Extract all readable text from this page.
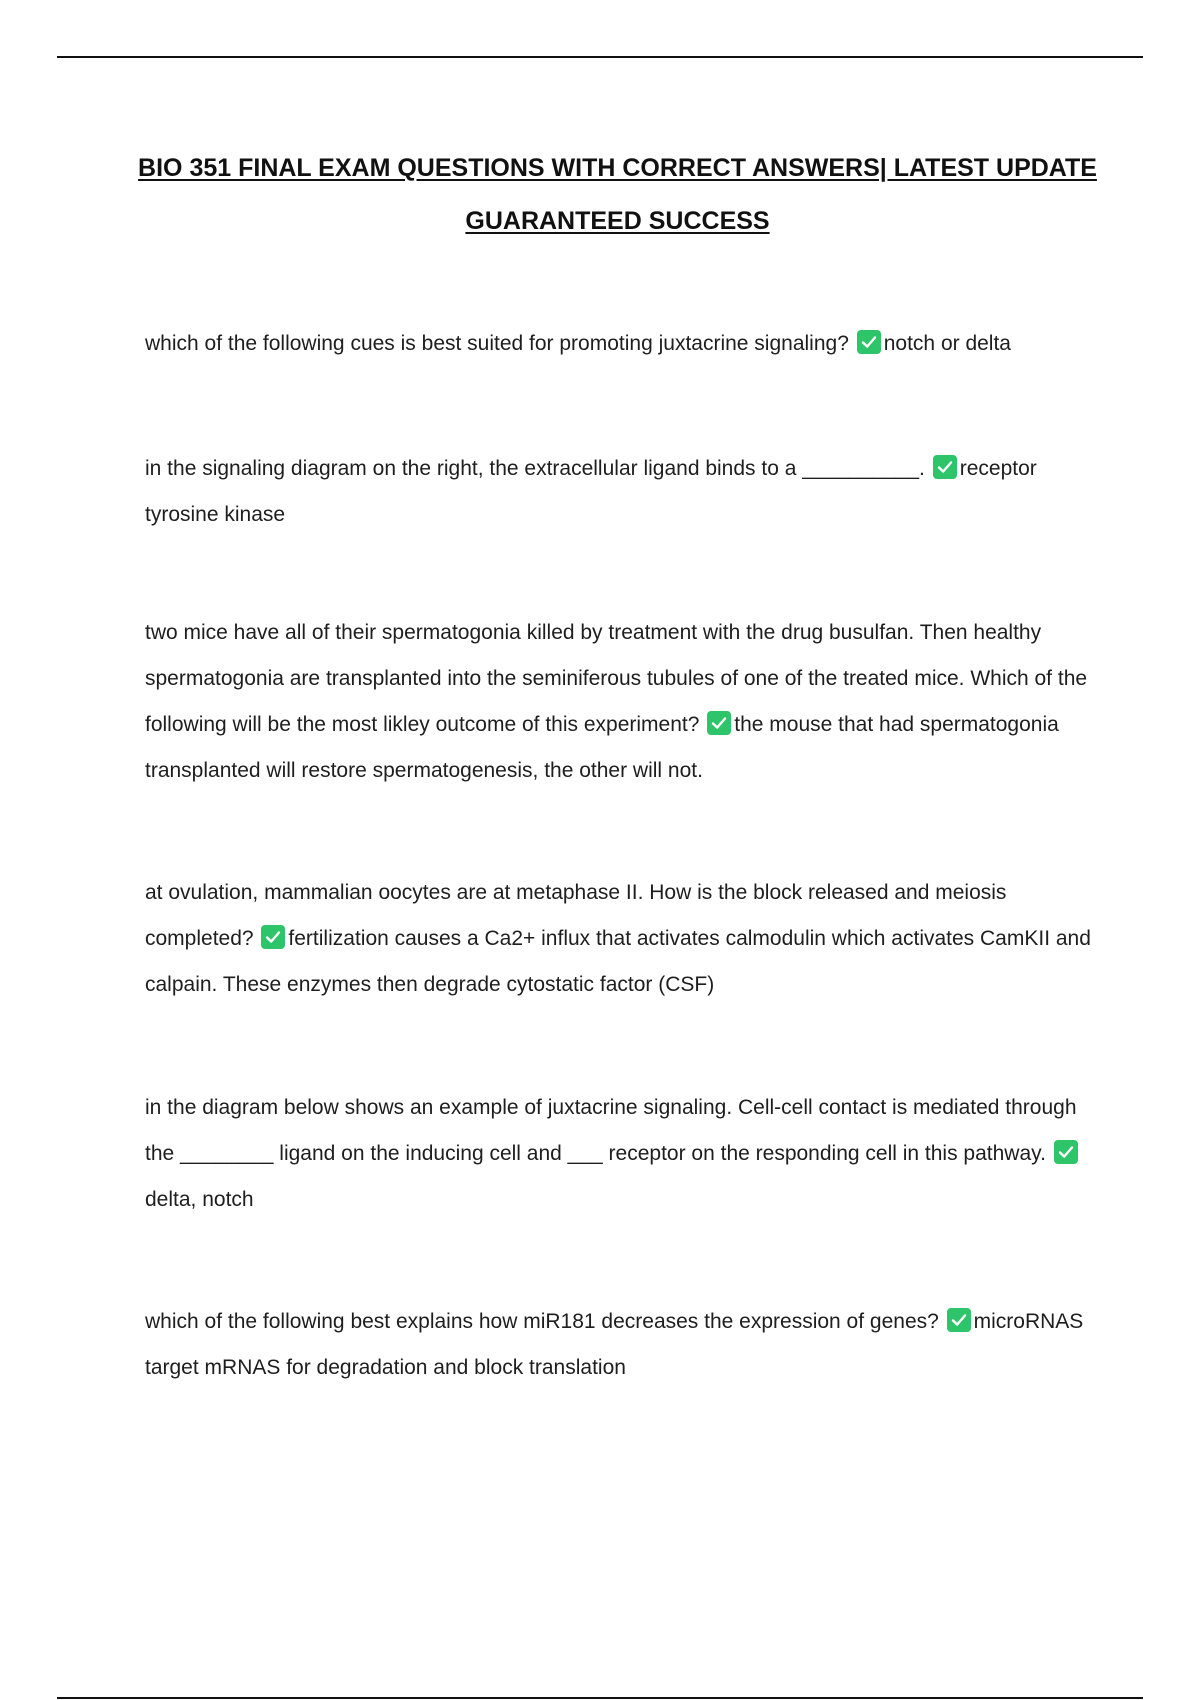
BIO 351 FINAL EXAM QUESTIONS WITH CORRECT ANSWERS| LATEST UPDATE
GUARANTEED SUCCESS
which of the following cues is best suited for promoting juxtacrine signaling? notch or delta
in the signaling diagram on the right, the extracellular ligand binds to a __________. receptor tyrosine kinase
two mice have all of their spermatogonia killed by treatment with the drug busulfan. Then healthy spermatogonia are transplanted into the seminiferous tubules of one of the treated mice. Which of the following will be the most likley outcome of this experiment? the mouse that had spermatogonia transplanted will restore spermatogenesis, the other will not.
at ovulation, mammalian oocytes are at metaphase II. How is the block released and meiosis completed? fertilization causes a Ca2+ influx that activates calmodulin which activates CamKII and calpain. These enzymes then degrade cytostatic factor (CSF)
in the diagram below shows an example of juxtacrine signaling. Cell-cell contact is mediated through the ________ ligand on the inducing cell and ___ receptor on the responding cell in this pathway.
delta, notch
which of the following best explains how miR181 decreases the expression of genes? microRNAS target mRNAS for degradation and block translation
